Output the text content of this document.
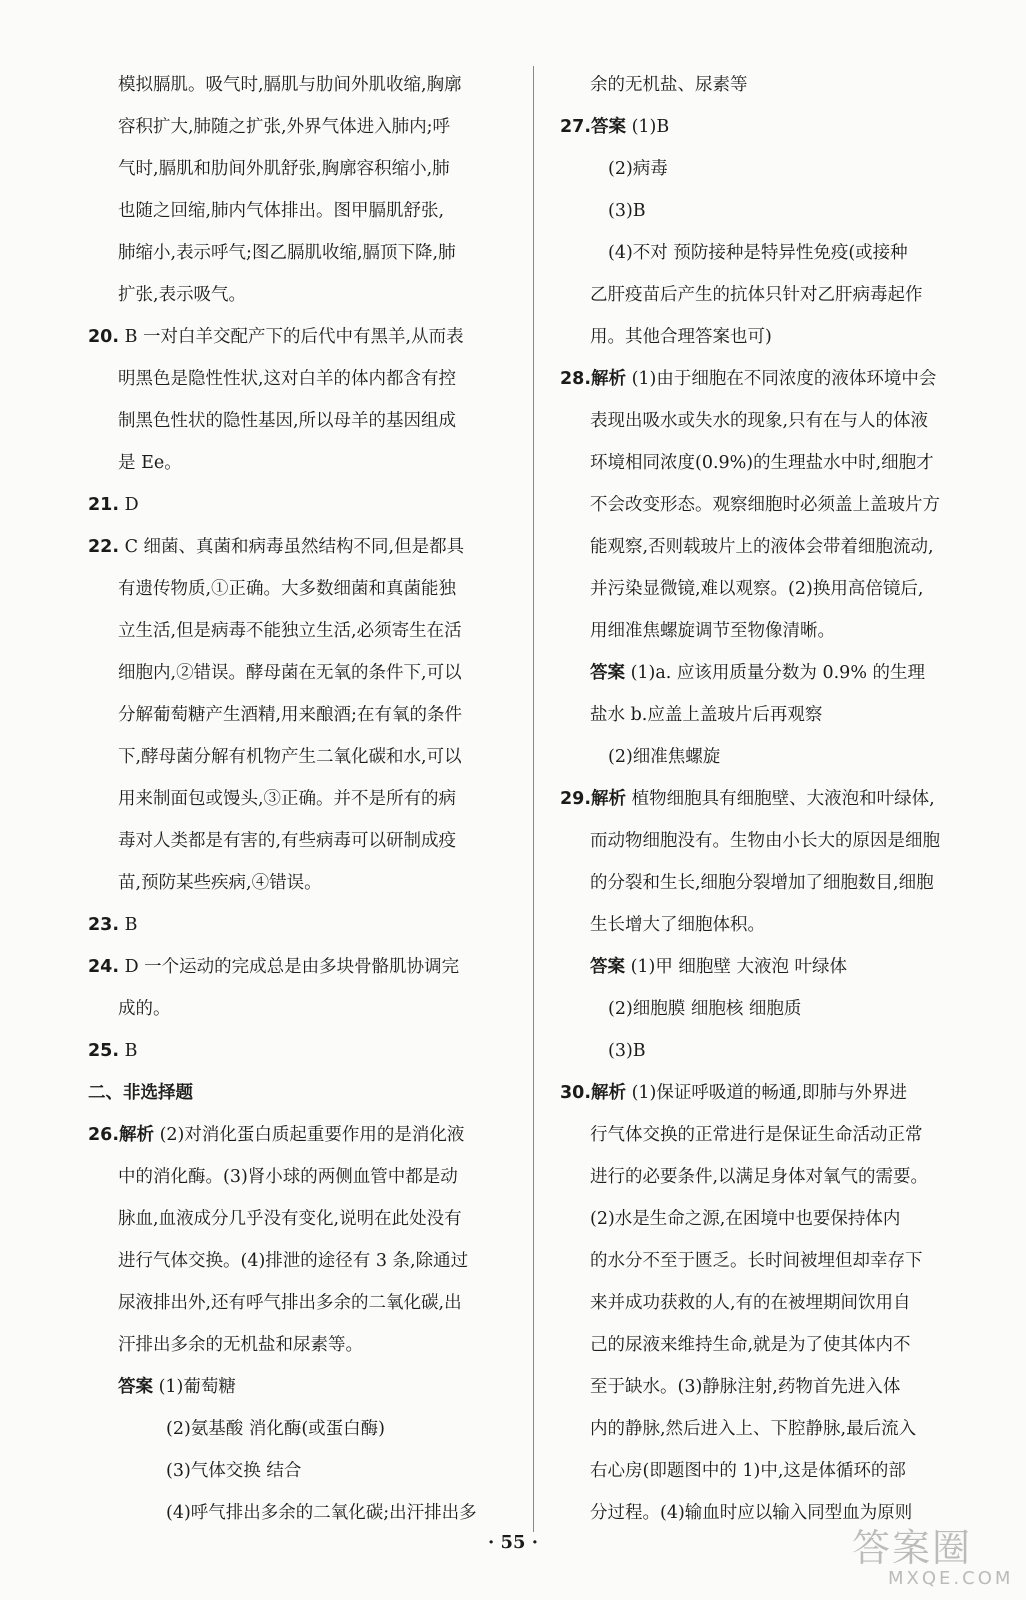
模拟膈肌。吸气时,膈肌与肋间外肌收缩,胸廓
容积扩大,肺随之扩张,外界气体进入肺内;呼
气时,膈肌和肋间外肌舒张,胸廓容积缩小,肺
也随之回缩,肺内气体排出。图甲膈肌舒张,
肺缩小,表示呼气;图乙膈肌收缩,膈顶下降,肺
扩张,表示吸气。
20. B 一对白羊交配产下的后代中有黑羊,从而表
明黑色是隐性性状,这对白羊的体内都含有控
制黑色性状的隐性基因,所以母羊的基因组成
是 Ee。
21. D
22. C 细菌、真菌和病毒虽然结构不同,但是都具
有遗传物质,①正确。大多数细菌和真菌能独
立生活,但是病毒不能独立生活,必须寄生在活
细胞内,②错误。酵母菌在无氧的条件下,可以
分解葡萄糖产生酒精,用来酿酒;在有氧的条件
下,酵母菌分解有机物产生二氧化碳和水,可以
用来制面包或馒头,③正确。并不是所有的病
毒对人类都是有害的,有些病毒可以研制成疫
苗,预防某些疾病,④错误。
23. B
24. D 一个运动的完成总是由多块骨骼肌协调完
成的。
25. B
二、非选择题
26.解析 (2)对消化蛋白质起重要作用的是消化液
中的消化酶。(3)肾小球的两侧血管中都是动
脉血,血液成分几乎没有变化,说明在此处没有
进行气体交换。(4)排泄的途径有 3 条,除通过
尿液排出外,还有呼气排出多余的二氧化碳,出
汗排出多余的无机盐和尿素等。
答案 (1)葡萄糖
(2)氨基酸 消化酶(或蛋白酶)
(3)气体交换 结合
(4)呼气排出多余的二氧化碳;出汗排出多
余的无机盐、尿素等
27.答案 (1)B
(2)病毒
(3)B
(4)不对 预防接种是特异性免疫(或接种
乙肝疫苗后产生的抗体只针对乙肝病毒起作
用。其他合理答案也可)
28.解析 (1)由于细胞在不同浓度的液体环境中会
表现出吸水或失水的现象,只有在与人的体液
环境相同浓度(0.9%)的生理盐水中时,细胞才
不会改变形态。观察细胞时必须盖上盖玻片方
能观察,否则载玻片上的液体会带着细胞流动,
并污染显微镜,难以观察。(2)换用高倍镜后,
用细准焦螺旋调节至物像清晰。
答案 (1)a. 应该用质量分数为 0.9% 的生理
盐水 b.应盖上盖玻片后再观察
(2)细准焦螺旋
29.解析 植物细胞具有细胞壁、大液泡和叶绿体,
而动物细胞没有。生物由小长大的原因是细胞
的分裂和生长,细胞分裂增加了细胞数目,细胞
生长增大了细胞体积。
答案 (1)甲 细胞壁 大液泡 叶绿体
(2)细胞膜 细胞核 细胞质
(3)B
30.解析 (1)保证呼吸道的畅通,即肺与外界进
行气体交换的正常进行是保证生命活动正常
进行的必要条件,以满足身体对氧气的需要。
(2)水是生命之源,在困境中也要保持体内
的水分不至于匮乏。长时间被埋但却幸存下
来并成功获救的人,有的在被埋期间饮用自
己的尿液来维持生命,就是为了使其体内不
至于缺水。(3)静脉注射,药物首先进入体
内的静脉,然后进入上、下腔静脉,最后流入
右心房(即题图中的 1)中,这是体循环的部
分过程。(4)输血时应以输入同型血为原则
· 55 ·	答案圈
MXQE.COM
